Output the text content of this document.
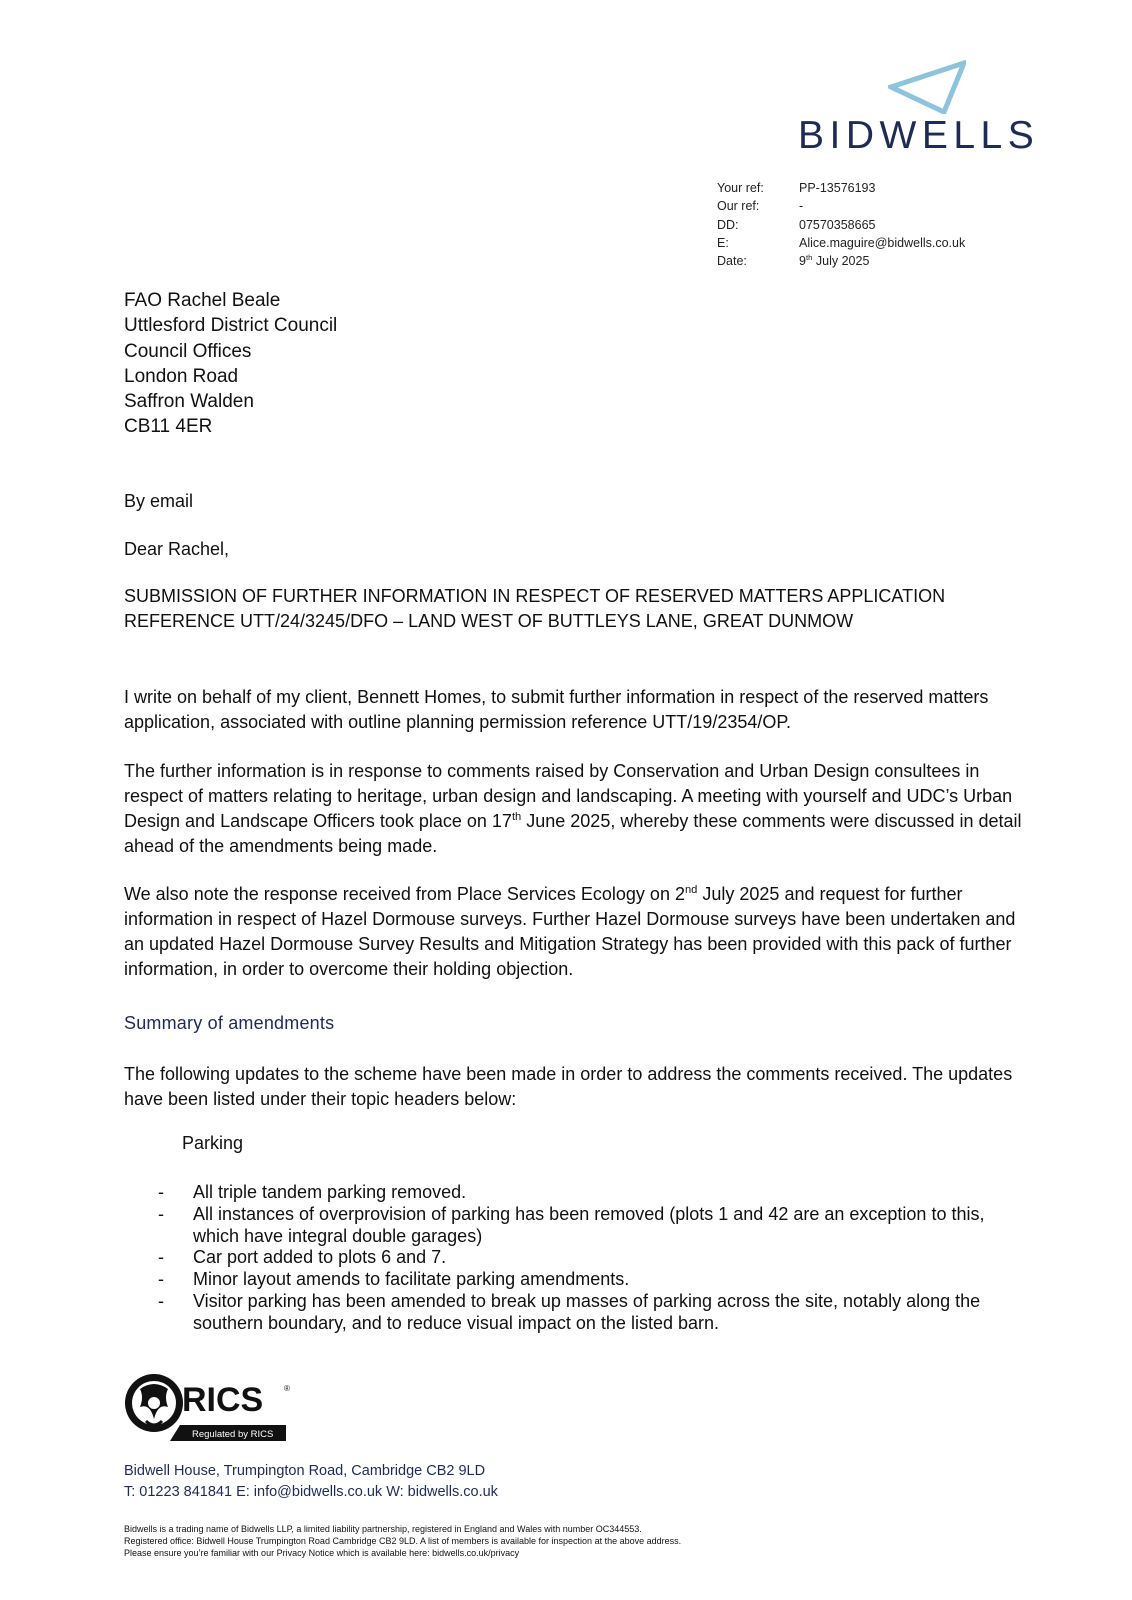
BIDWELLS
Your ref:	PP-13576193
Our ref:	-
DD:	07570358665
E:	Alice.maguire@bidwells.co.uk
Date:	9th July 2025
FAO Rachel Beale
Uttlesford District Council
Council Offices
London Road
Saffron Walden
CB11 4ER
By email
Dear Rachel,
SUBMISSION OF FURTHER INFORMATION IN RESPECT OF RESERVED MATTERS APPLICATION
REFERENCE UTT/24/3245/DFO – LAND WEST OF BUTTLEYS LANE, GREAT DUNMOW
I write on behalf of my client, Bennett Homes, to submit further information in respect of the reserved matters application, associated with outline planning permission reference UTT/19/2354/OP.
The further information is in response to comments raised by Conservation and Urban Design consultees in respect of matters relating to heritage, urban design and landscaping. A meeting with yourself and UDC’s Urban Design and Landscape Officers took place on 17th June 2025, whereby these comments were discussed in detail ahead of the amendments being made.
We also note the response received from Place Services Ecology on 2nd July 2025 and request for further information in respect of Hazel Dormouse surveys. Further Hazel Dormouse surveys have been undertaken and an updated Hazel Dormouse Survey Results and Mitigation Strategy has been provided with this pack of further information, in order to overcome their holding objection.
Summary of amendments
The following updates to the scheme have been made in order to address the comments received. The updates have been listed under their topic headers below:
Parking
- All triple tandem parking removed.
- All instances of overprovision of parking has been removed (plots 1 and 42 are an exception to this, which have integral double garages)
- Car port added to plots 6 and 7.
- Minor layout amends to facilitate parking amendments.
- Visitor parking has been amended to break up masses of parking across the site, notably along the southern boundary, and to reduce visual impact on the listed barn.
RICS	®
Regulated by RICS
Bidwell House, Trumpington Road, Cambridge CB2 9LD
T: 01223 841841 E: info@bidwells.co.uk W: bidwells.co.uk
Bidwells is a trading name of Bidwells LLP, a limited liability partnership, registered in England and Wales with number OC344553.
Registered office: Bidwell House Trumpington Road Cambridge CB2 9LD. A list of members is available for inspection at the above address.
Please ensure you’re familiar with our Privacy Notice which is available here: bidwells.co.uk/privacy
